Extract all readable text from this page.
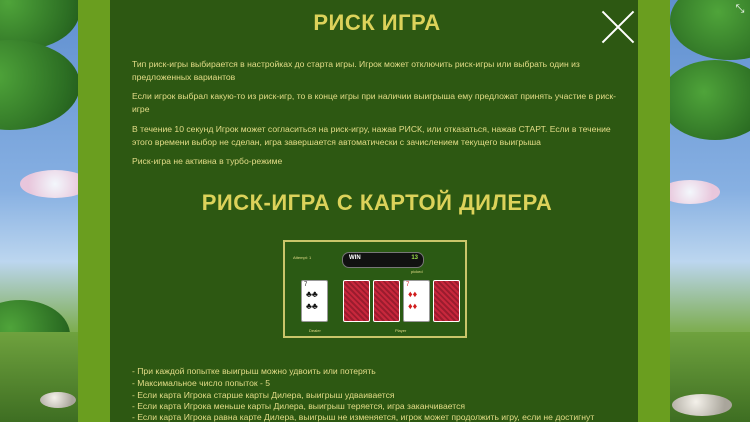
⤡
РИСК ИГРА
Тип риск-игры выбирается в настройках до старта игры. Игрок может отключить риск-игры или выбрать один из предложенных вариантов
Если игрок выбрал какую-то из риск-игр, то в конце игры при наличии выигрыша ему предложат принять участие в риск-игре
В течение 10 секунд Игрок может согласиться на риск-игру, нажав РИСК, или отказаться, нажав СТАРТ. Если в течение этого времени выбор не сделан, игра завершается автоматически с зачислением текущего выигрыша
Риск-игра не активна в турбо-режиме
РИСК-ИГРА С КАРТОЙ ДИЛЕРА
- При каждой попытке выигрыш можно удвоить или потерять
- Максимальное число попыток - 5
- Если карта Игрока старше карты Дилера, выигрыш удваивается
- Если карта Игрока меньше карты Дилера, выигрыш теряется, игра заканчивается
- Если карта Игрока равна карте Дилера, выигрыш не изменяется, игрок может продолжить игру, если не достигнут
Attempt: 1	WIN	13
picked
7
♣♣
♣♣
7
♦♦
♦♦
Dealer	Player
